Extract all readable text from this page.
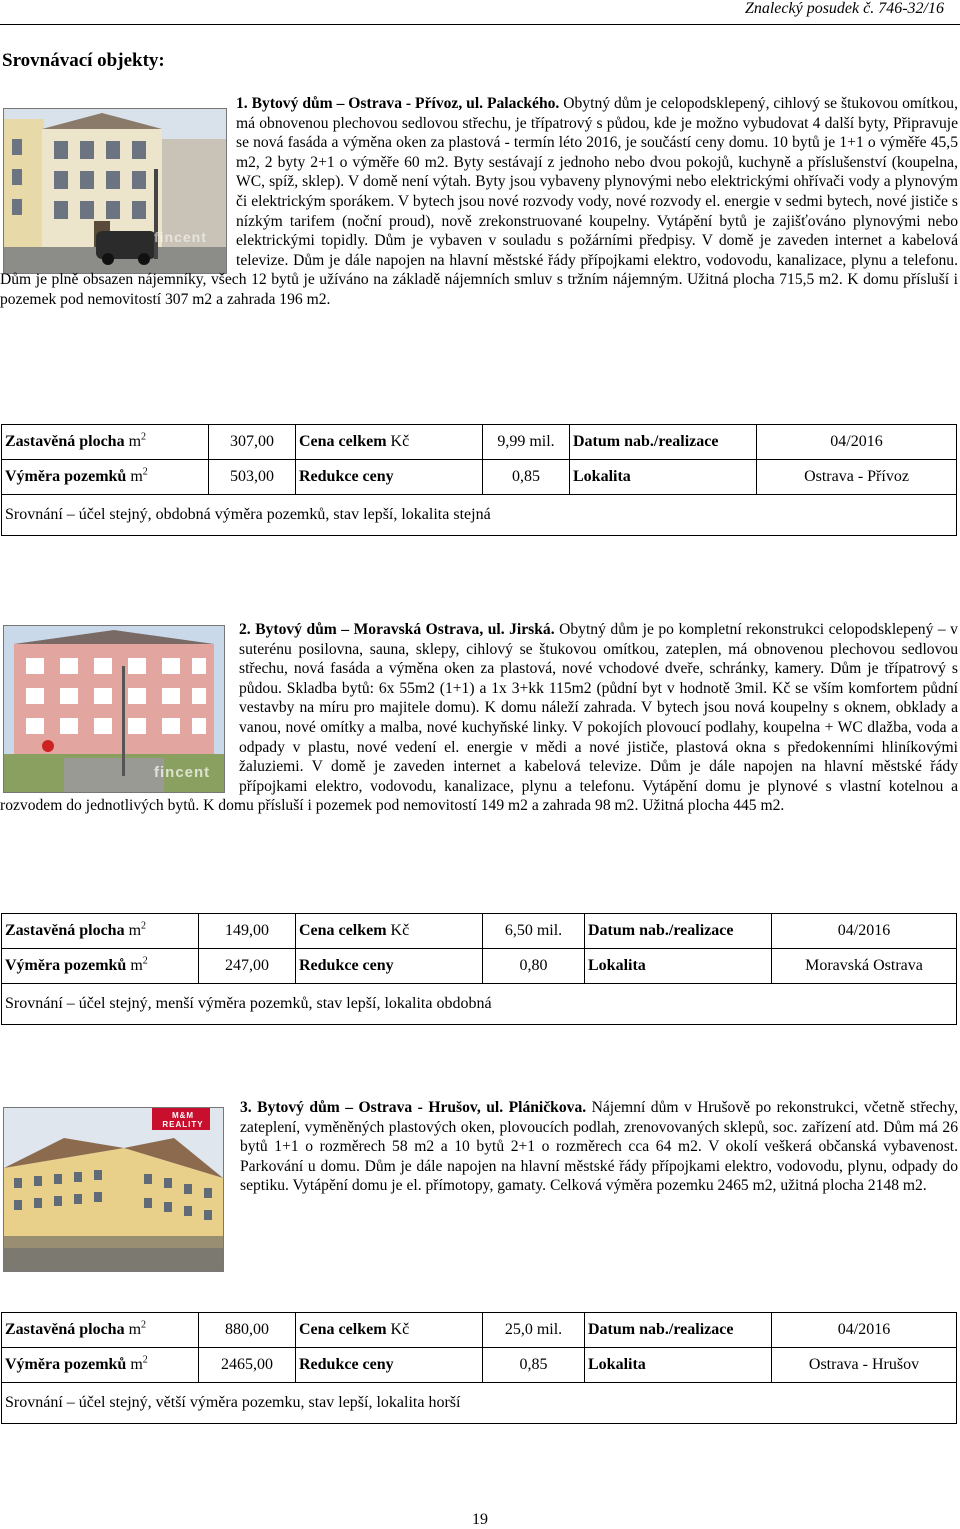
Znalecký posudek č. 746-32/16
Srovnávací objekty:
fincent
1. Bytový dům – Ostrava - Přívoz, ul. Palackého. Obytný dům je celopodsklepený, cihlový se štukovou omítkou, má obnovenou plechovou sedlovou střechu, je třípatrový s půdou, kde je možno vybudovat 4 další byty, Připravuje se nová fasáda a výměna oken za plastová - termín léto 2016, je součástí ceny domu. 10 bytů je 1+1 o výměře 45,5 m2, 2 byty 2+1 o výměře 60 m2. Byty sestávají z jednoho nebo dvou pokojů, kuchyně a příslušenství (koupelna, WC, spíž, sklep). V domě není výtah. Byty jsou vybaveny plynovými nebo elektrickými ohřívači vody a plynovým či elektrickým sporákem. V bytech jsou nové rozvody vody, nové rozvody el. energie v sedmi bytech, nové jističe s nízkým tarifem (noční proud), nově zrekonstruované koupelny. Vytápění bytů je zajišťováno plynovými nebo elektrickými topidly. Dům je vybaven v souladu s požárními předpisy. V domě je zaveden internet a kabelová televize. Dům je dále napojen na hlavní městské řády přípojkami elektro, vodovodu, kanalizace, plynu a telefonu. Dům je plně obsazen nájemníky, všech 12 bytů je užíváno na základě nájemních smluv s tržním nájemným. Užitná plocha 715,5 m2. K domu přísluší i pozemek pod nemovitostí 307 m2 a zahrada 196 m2.
Zastavěná plocha $m^2$	307,00	Cena celkem Kč	9,99 mil.	Datum nab./realizace	04/2016
Výměra pozemků $m^2$	503,00	Redukce ceny	0,85	Lokalita	Ostrava - Přívoz
Srovnání – účel stejný, obdobná výměra pozemků, stav lepší, lokalita stejná					
fincent
2. Bytový dům – Moravská Ostrava, ul. Jirská. Obytný dům je po kompletní rekonstrukci celopodsklepený – v suterénu posilovna, sauna, sklepy, cihlový se štukovou omítkou, zateplen, má obnovenou plechovou sedlovou střechu, nová fasáda a výměna oken za plastová, nové vchodové dveře, schránky, kamery. Dům je třípatrový s půdou. Skladba bytů: 6x 55m2 (1+1) a 1x 3+kk 115m2 (půdní byt v hodnotě 3mil. Kč se vším komfortem půdní vestavby na míru pro majitele domu). K domu náleží zahrada. V bytech jsou nová koupelny s oknem, obklady a vanou, nové omítky a malba, nové kuchyňské linky. V pokojích plovoucí podlahy, koupelna + WC dlažba, voda a odpady v plastu, nové vedení el. energie v mědi a nové jističe, plastová okna s předokenními hliníkovými žaluziemi. V domě je zaveden internet a kabelová televize. Dům je dále napojen na hlavní městské řády přípojkami elektro, vodovodu, kanalizace, plynu a telefonu. Vytápění domu je plynové s vlastní kotelnou a rozvodem do jednotlivých bytů. K domu přísluší i pozemek pod nemovitostí 149 m2 a zahrada 98 m2. Užitná plocha 445 m2.
Zastavěná plocha $m^2$	149,00	Cena celkem Kč	6,50 mil.	Datum nab./realizace	04/2016
Výměra pozemků $m^2$	247,00	Redukce ceny	0,80	Lokalita	Moravská Ostrava
Srovnání – účel stejný, menší výměra pozemků, stav lepší, lokalita obdobná					
M&M REALITY
3. Bytový dům – Ostrava - Hrušov, ul. Pláničkova. Nájemní dům v Hrušově po rekonstrukci, včetně střechy, zateplení, vyměněných plastových oken, plovoucích podlah, zrenovovaných sklepů, soc. zařízení atd. Dům má 26 bytů 1+1 o rozměrech 58 m2 a 10 bytů 2+1 o rozměrech cca 64 m2. V okolí veškerá občanská vybavenost. Parkování u domu. Dům je dále napojen na hlavní městské řády přípojkami elektro, vodovodu, plynu, odpady do septiku. Vytápění domu je el. přímotopy, gamaty. Celková výměra pozemku 2465 m2, užitná plocha 2148 m2.
Zastavěná plocha $m^2$	880,00	Cena celkem Kč	25,0 mil.	Datum nab./realizace	04/2016
Výměra pozemků $m^2$	2465,00	Redukce ceny	0,85	Lokalita	Ostrava - Hrušov
Srovnání – účel stejný, větší výměra pozemku, stav lepší, lokalita horší					
19
